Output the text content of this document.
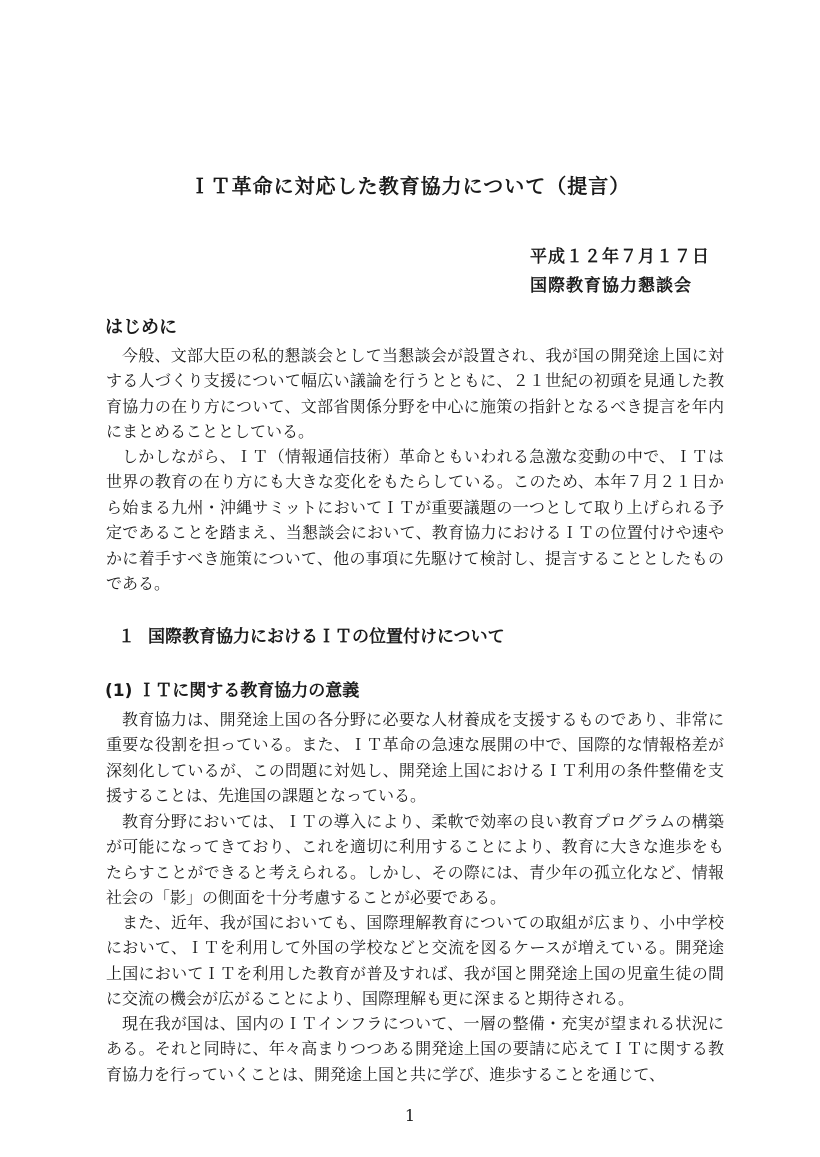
ＩＴ革命に対応した教育協力について（提言）
平成１２年７月１７日
国際教育協力懇談会
はじめに

今般、文部大臣の私的懇談会として当懇談会が設置され、我が国の開発途上国に対する人づくり支援について幅広い議論を行うとともに、２１世紀の初頭を見通した教育協力の在り方について、文部省関係分野を中心に施策の指針となるべき提言を年内にまとめることとしている。

しかしながら、ＩＴ（情報通信技術）革命ともいわれる急激な変動の中で、ＩＴは世界の教育の在り方にも大きな変化をもたらしている。このため、本年７月２１日から始まる九州・沖縄サミットにおいてＩＴが重要議題の一つとして取り上げられる予定であることを踏まえ、当懇談会において、教育協力におけるＩＴの位置付けや速やかに着手すべき施策について、他の事項に先駆けて検討し、提言することとしたものである。

１ 国際教育協力におけるＩＴの位置付けについて
(1) ＩＴに関する教育協力の意義

教育協力は、開発途上国の各分野に必要な人材養成を支援するものであり、非常に重要な役割を担っている。また、ＩＴ革命の急速な展開の中で、国際的な情報格差が深刻化しているが、この問題に対処し、開発途上国におけるＩＴ利用の条件整備を支援することは、先進国の課題となっている。

教育分野においては、ＩＴの導入により、柔軟で効率の良い教育プログラムの構築が可能になってきており、これを適切に利用することにより、教育に大きな進歩をもたらすことができると考えられる。しかし、その際には、青少年の孤立化など、情報社会の「影」の側面を十分考慮することが必要である。

また、近年、我が国においても、国際理解教育についての取組が広まり、小中学校において、ＩＴを利用して外国の学校などと交流を図るケースが増えている。開発途上国においてＩＴを利用した教育が普及すれば、我が国と開発途上国の児童生徒の間に交流の機会が広がることにより、国際理解も更に深まると期待される。

現在我が国は、国内のＩＴインフラについて、一層の整備・充実が望まれる状況にある。それと同時に、年々高まりつつある開発途上国の要請に応えてＩＴに関する教育協力を行っていくことは、開発途上国と共に学び、進歩することを通じて、

1
